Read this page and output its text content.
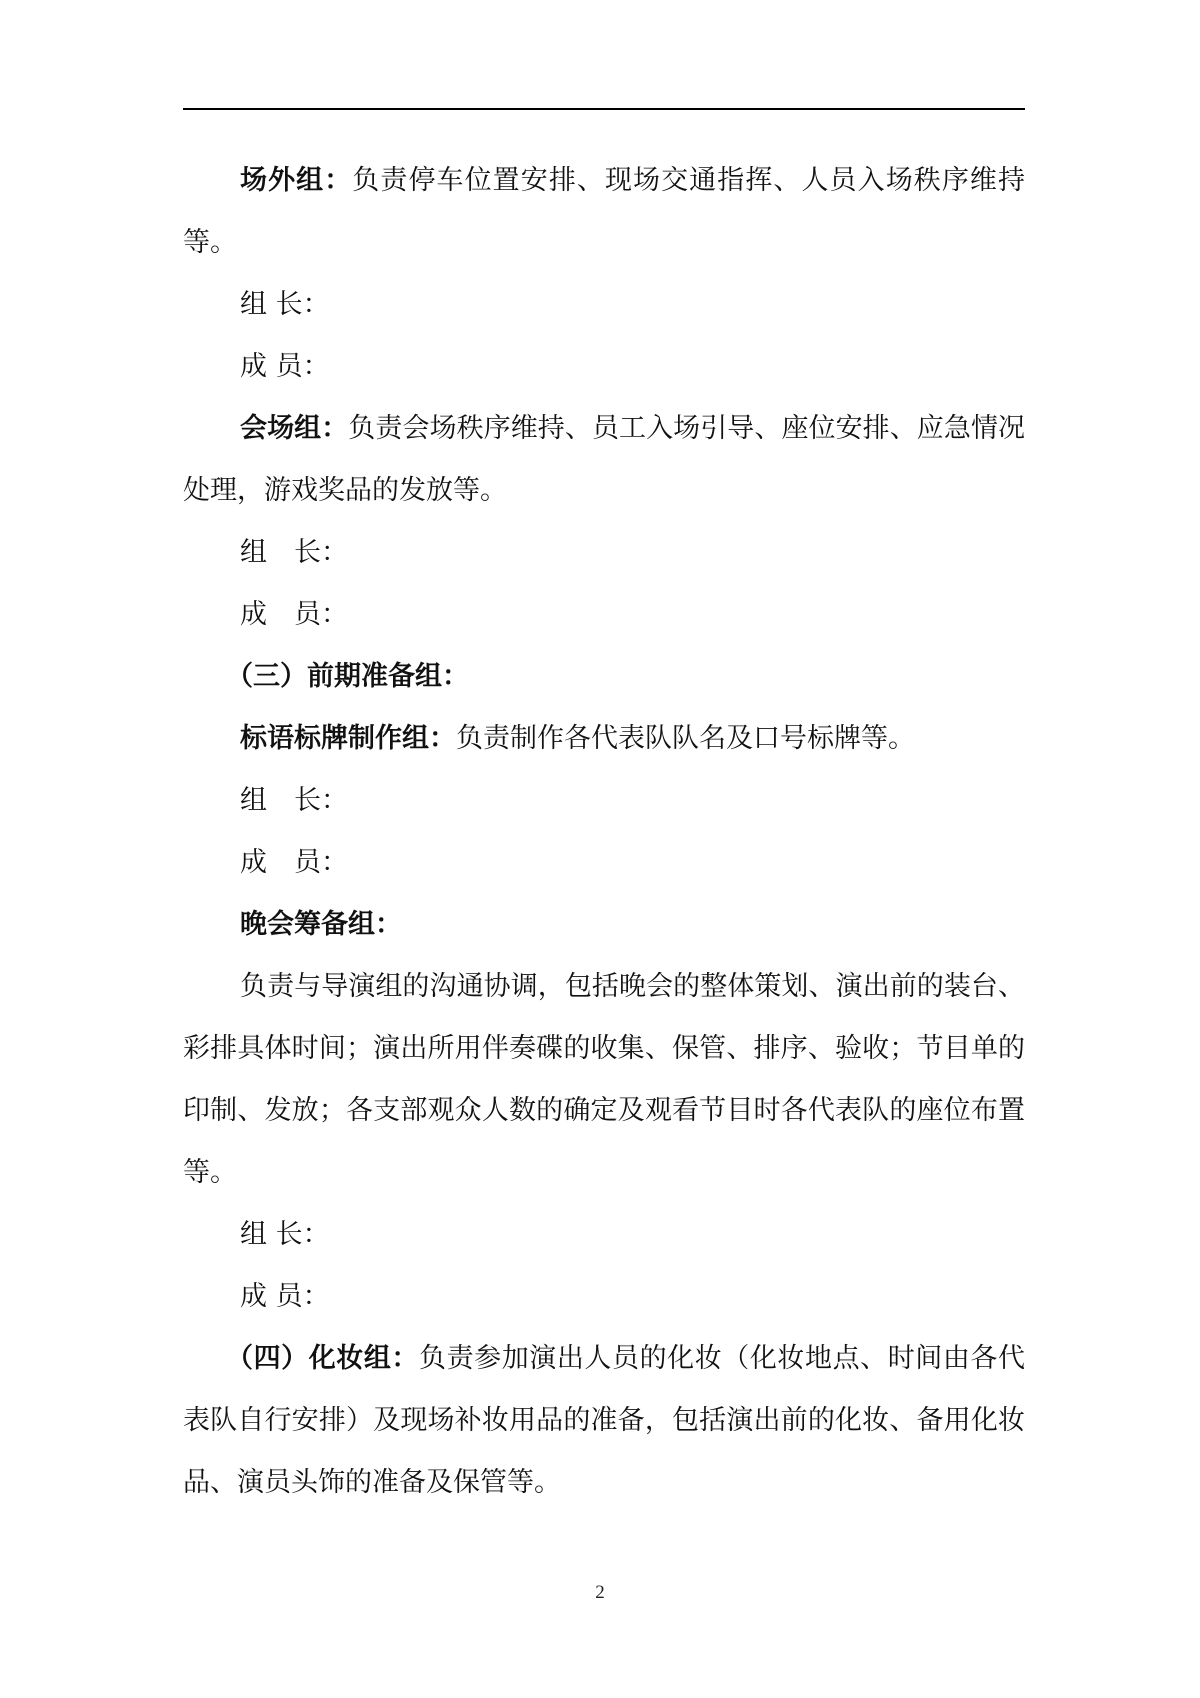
场外组：负责停车位置安排、现场交通指挥、人员入场秩序维持等。

组 长：

成 员：

会场组：负责会场秩序维持、员工入场引导、座位安排、应急情况处理，游戏奖品的发放等。

组　长：

成　员：

（三）前期准备组：

标语标牌制作组：负责制作各代表队队名及口号标牌等。

组　长：

成　员：

晚会筹备组：

负责与导演组的沟通协调，包括晚会的整体策划、演出前的装台、彩排具体时间；演出所用伴奏碟的收集、保管、排序、验收；节目单的印制、发放；各支部观众人数的确定及观看节目时各代表队的座位布置等。

组 长：

成 员：

（四）化妆组：负责参加演出人员的化妆（化妆地点、时间由各代表队自行安排）及现场补妆用品的准备，包括演出前的化妆、备用化妆品、演员头饰的准备及保管等。

2
